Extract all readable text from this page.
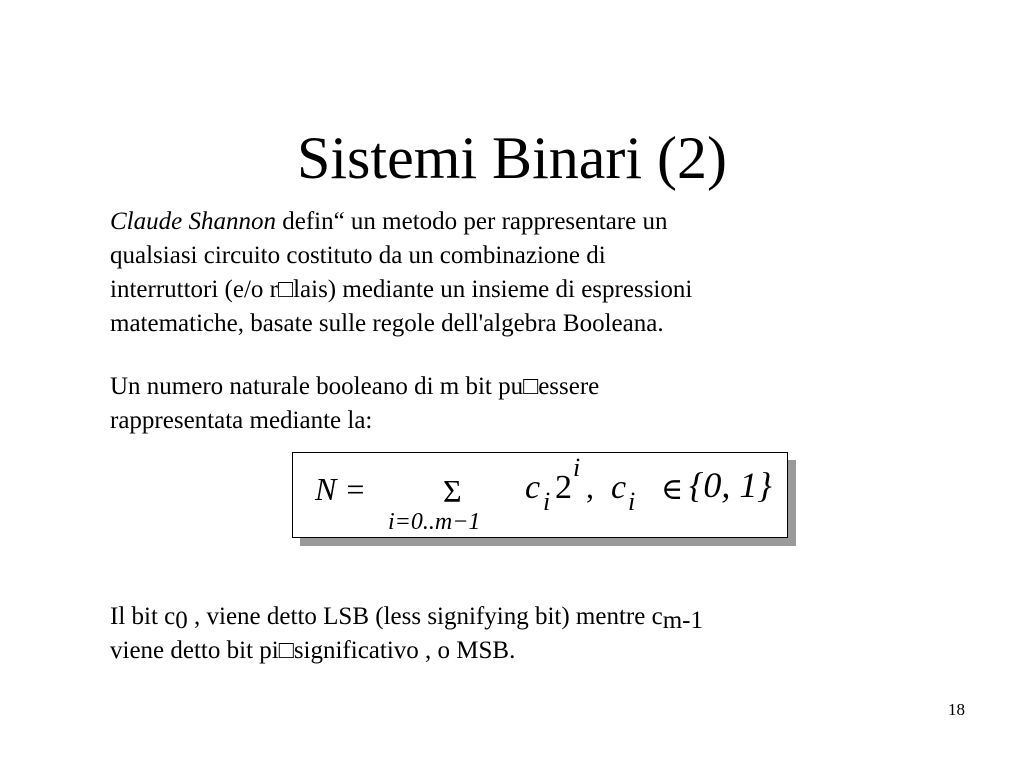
Sistemi Binari (2)
Claude Shannon defin“ un metodo per rappresentare un
qualsiasi circuito costituto da un combinazione di
interruttori (e/o r□lais) mediante un insieme di espressioni
matematiche, basate sulle regole dell'algebra Booleana.
Un numero naturale booleano di m bit pu□essere
rappresentata mediante la:
N = Σ
i=0..m−1
c i 2
i
, c i ∈ {0, 1}
Il bit c0 , viene detto LSB (less signifying bit) mentre cm-1
viene detto bit pi□significativo , o MSB.
18
